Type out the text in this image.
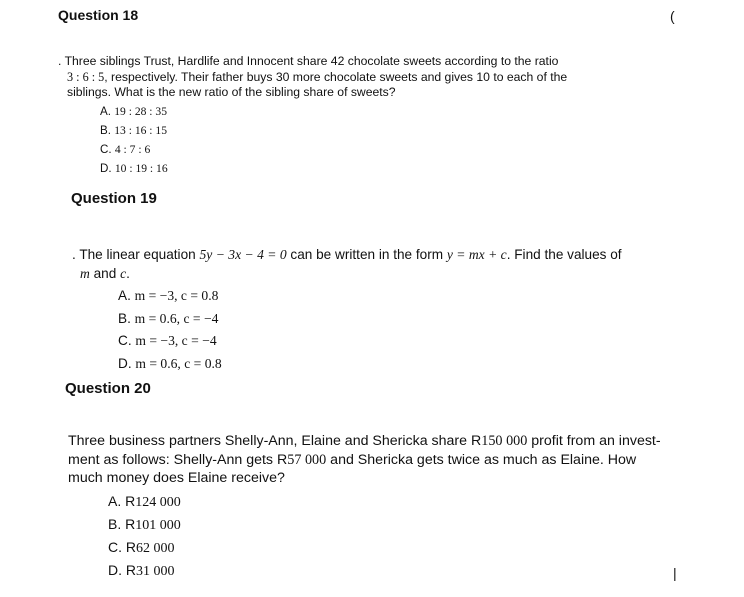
Question 18
. Three siblings Trust, Hardlife and Innocent share 42 chocolate sweets according to the ratio
3 : 6 : 5, respectively. Their father buys 30 more chocolate sweets and gives 10 to each of the
siblings. What is the new ratio of the sibling share of sweets?
A. 19 : 28 : 35
B. 13 : 16 : 15
C. 4 : 7 : 6
D. 10 : 19 : 16
Question 19
. The linear equation 5y − 3x − 4 = 0 can be written in the form y = mx + c. Find the values of
m and c.
A. m = −3, c = 0.8
B. m = 0.6, c = −4
C. m = −3, c = −4
D. m = 0.6, c = 0.8
Question 20
Three business partners Shelly-Ann, Elaine and Shericka share R150 000 profit from an invest-
ment as follows: Shelly-Ann gets R57 000 and Shericka gets twice as much as Elaine. How
much money does Elaine receive?
A. R124 000
B. R101 000
C. R62 000
D. R31 000
(
|
